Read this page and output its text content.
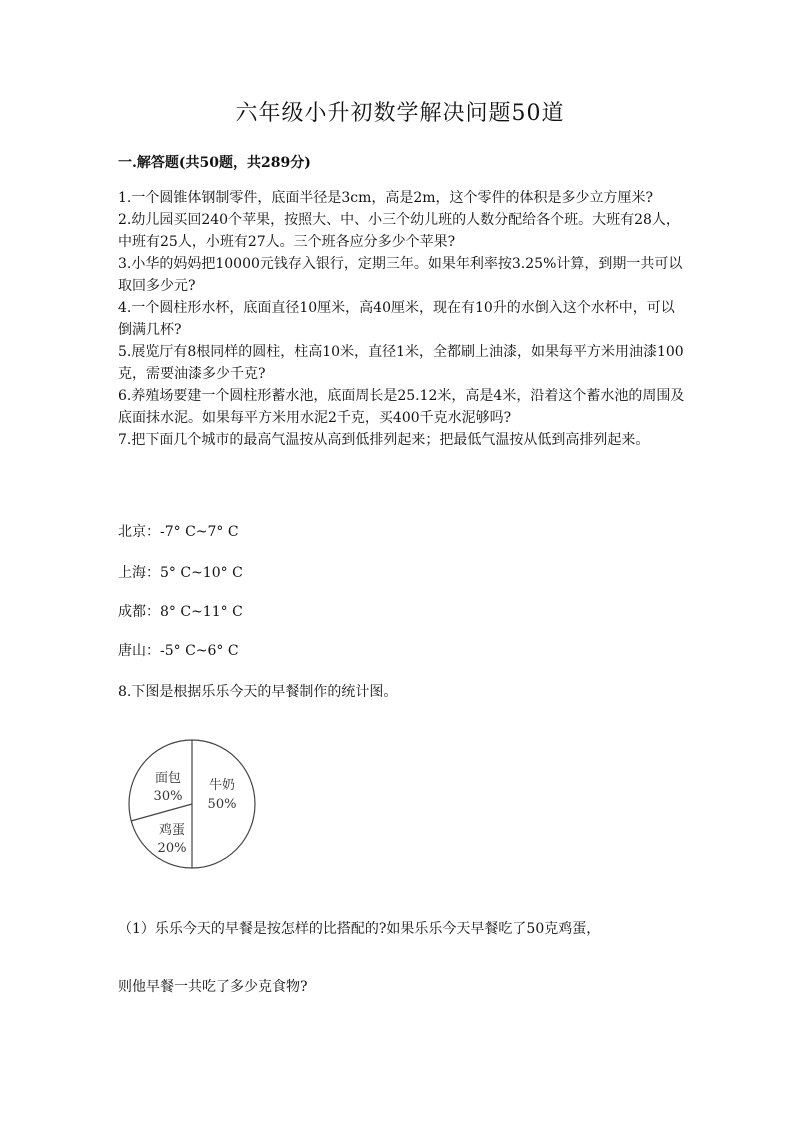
六年级小升初数学解决问题50道
一.解答题(共50题，共289分)

1.一个圆锥体钢制零件，底面半径是3cm，高是2m，这个零件的体积是多少立方厘米?

2.幼儿园买回240个苹果，按照大、中、小三个幼儿班的人数分配给各个班。大班有28人，中班有25人，小班有27人。三个班各应分多少个苹果?

3.小华的妈妈把10000元钱存入银行，定期三年。如果年利率按3.25%计算，到期一共可以取回多少元?

4.一个圆柱形水杯，底面直径10厘米，高40厘米，现在有10升的水倒入这个水杯中，可以倒满几杯?

5.展览厅有8根同样的圆柱，柱高10米，直径1米，全都刷上油漆，如果每平方米用油漆100克，需要油漆多少千克?

6.养殖场要建一个圆柱形蓄水池，底面周长是25.12米，高是4米，沿着这个蓄水池的周围及底面抹水泥。如果每平方米用水泥2千克，买400千克水泥够吗?

7.把下面几个城市的最高气温按从高到低排列起来；把最低气温按从低到高排列起来。

北京：-7° C~7° C
上海：5° C~10° C
成都：8° C~11° C
唐山：-5° C~6° C
8.下图是根据乐乐今天的早餐制作的统计图。
牛奶
50%
面包
30%
鸡蛋
20%
（1）乐乐今天的早餐是按怎样的比搭配的?如果乐乐今天早餐吃了50克鸡蛋，
则他早餐一共吃了多少克食物?
